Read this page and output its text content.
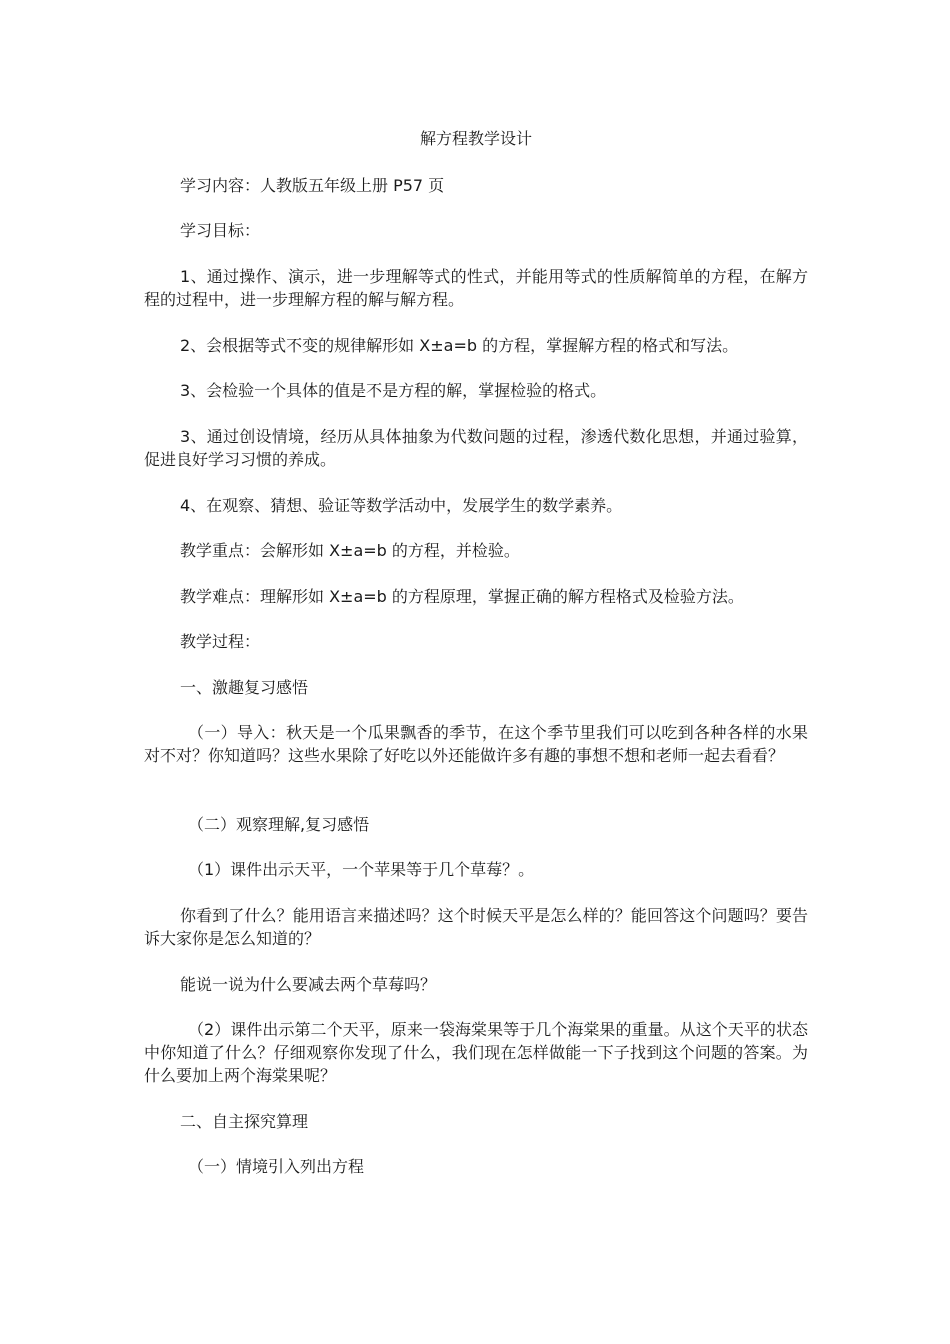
解方程教学设计

学习内容：人教版五年级上册 P57 页

学习目标：

1、通过操作、演示，进一步理解等式的性式，并能用等式的性质解简单的方程，在解方程的过程中，进一步理解方程的解与解方程。

2、会根据等式不变的规律解形如 X±a=b 的方程，掌握解方程的格式和写法。

3、会检验一个具体的值是不是方程的解，掌握检验的格式。

3、通过创设情境，经历从具体抽象为代数问题的过程，渗透代数化思想，并通过验算，促进良好学习习惯的养成。

4、在观察、猜想、验证等数学活动中，发展学生的数学素养。

教学重点：会解形如 X±a=b 的方程，并检验。

教学难点：理解形如 X±a=b 的方程原理，掌握正确的解方程格式及检验方法。

教学过程：

一、激趣复习感悟

（一）导入：秋天是一个瓜果飘香的季节，在这个季节里我们可以吃到各种各样的水果对不对？你知道吗？这些水果除了好吃以外还能做许多有趣的事想不想和老师一起去看看？

（二）观察理解,复习感悟

（1）课件出示天平，一个苹果等于几个草莓？。

你看到了什么？能用语言来描述吗？这个时候天平是怎么样的？能回答这个问题吗？要告诉大家你是怎么知道的？

能说一说为什么要减去两个草莓吗？

（2）课件出示第二个天平，原来一袋海棠果等于几个海棠果的重量。从这个天平的状态中你知道了什么？仔细观察你发现了什么，我们现在怎样做能一下子找到这个问题的答案。为什么要加上两个海棠果呢？

二、自主探究算理

（一）情境引入列出方程
